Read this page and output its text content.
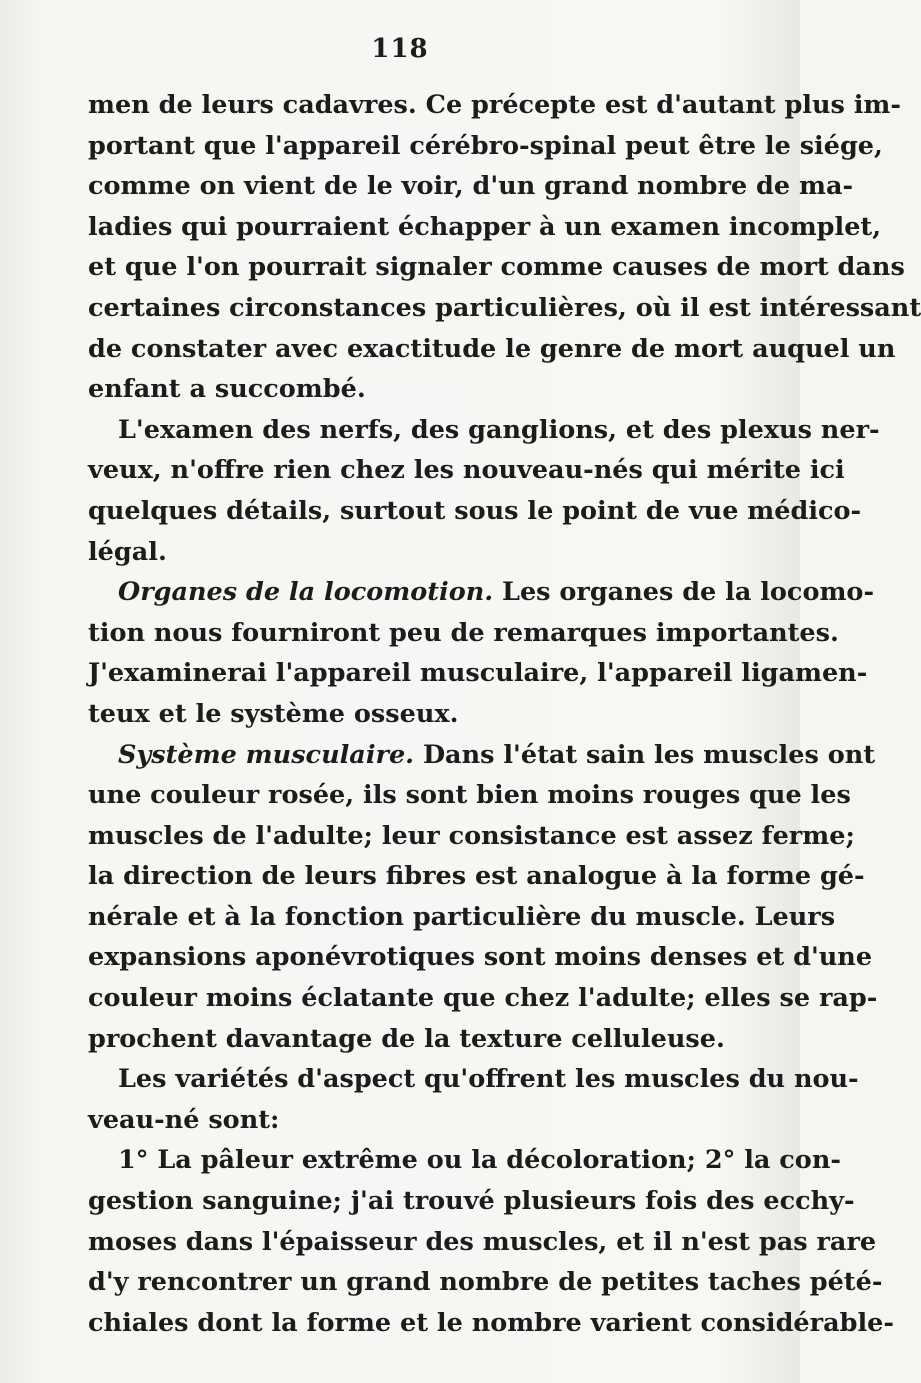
118
men de leurs cadavres. Ce précepte est d'autant plus im-
portant que l'appareil cérébro-spinal peut être le siége,
comme on vient de le voir, d'un grand nombre de ma-
ladies qui pourraient échapper à un examen incomplet,
et que l'on pourrait signaler comme causes de mort dans
certaines circonstances particulières, où il est intéressant
de constater avec exactitude le genre de mort auquel un
enfant a succombé.
L'examen des nerfs, des ganglions, et des plexus ner-
veux, n'offre rien chez les nouveau-nés qui mérite ici
quelques détails, surtout sous le point de vue médico-
légal.
Organes de la locomotion. Les organes de la locomo-
tion nous fourniront peu de remarques importantes.
J'examinerai l'appareil musculaire, l'appareil ligamen-
teux et le système osseux.
Système musculaire. Dans l'état sain les muscles ont
une couleur rosée, ils sont bien moins rouges que les
muscles de l'adulte; leur consistance est assez ferme;
la direction de leurs fibres est analogue à la forme gé-
nérale et à la fonction particulière du muscle. Leurs
expansions aponévrotiques sont moins denses et d'une
couleur moins éclatante que chez l'adulte; elles se rap-
prochent davantage de la texture celluleuse.
Les variétés d'aspect qu'offrent les muscles du nou-
veau-né sont:
1° La pâleur extrême ou la décoloration; 2° la con-
gestion sanguine; j'ai trouvé plusieurs fois des ecchy-
moses dans l'épaisseur des muscles, et il n'est pas rare
d'y rencontrer un grand nombre de petites taches pété-
chiales dont la forme et le nombre varient considérable-
